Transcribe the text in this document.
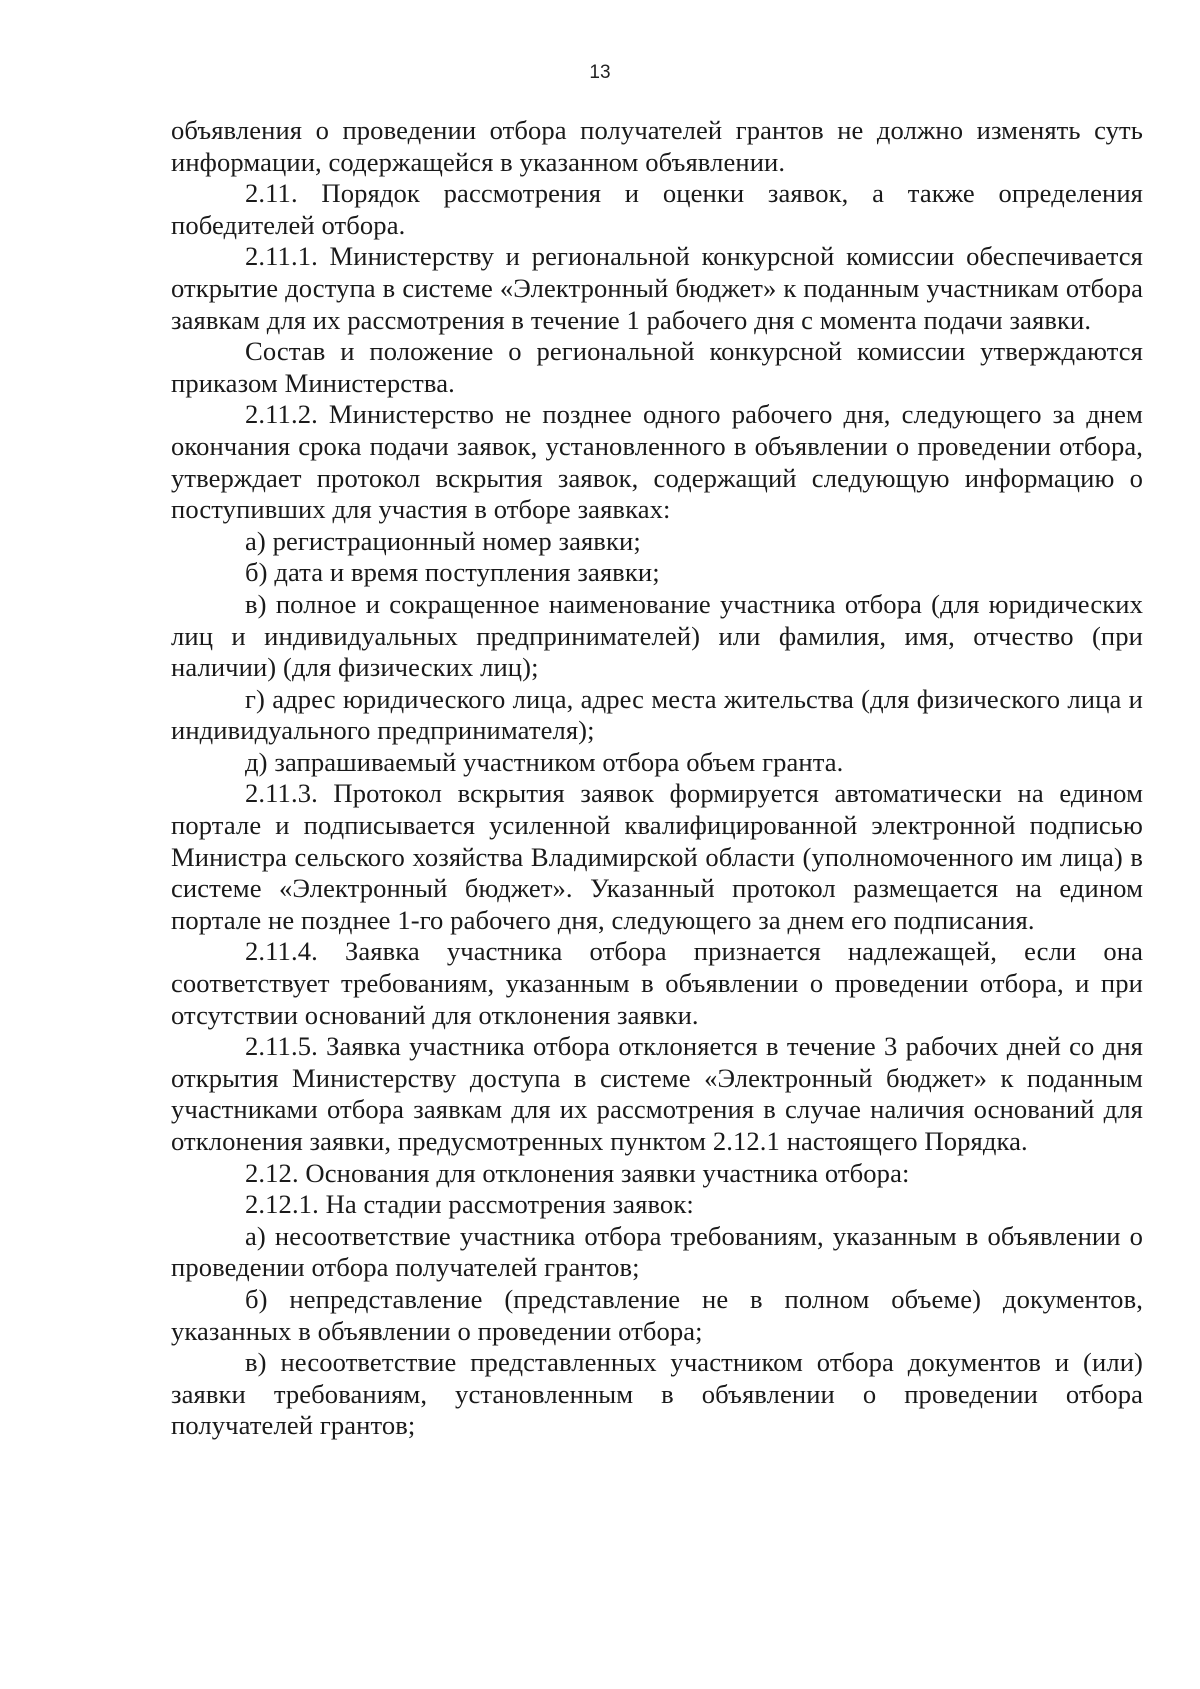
13

объявления о проведении отбора получателей грантов не должно изменять суть информации, содержащейся в указанном объявлении.

2.11. Порядок рассмотрения и оценки заявок, а также определения победителей отбора.

2.11.1. Министерству и региональной конкурсной комиссии обеспечивается открытие доступа в системе «Электронный бюджет» к поданным участникам отбора заявкам для их рассмотрения в течение 1 рабочего дня с момента подачи заявки.

Состав и положение о региональной конкурсной комиссии утверждаются приказом Министерства.

2.11.2. Министерство не позднее одного рабочего дня, следующего за днем окончания срока подачи заявок, установленного в объявлении о проведении отбора, утверждает протокол вскрытия заявок, содержащий следующую информацию о поступивших для участия в отборе заявках:

а) регистрационный номер заявки;

б) дата и время поступления заявки;

в) полное и сокращенное наименование участника отбора (для юридических лиц и индивидуальных предпринимателей) или фамилия, имя, отчество (при наличии) (для физических лиц);

г) адрес юридического лица, адрес места жительства (для физического лица и индивидуального предпринимателя);

д) запрашиваемый участником отбора объем гранта.

2.11.3. Протокол вскрытия заявок формируется автоматически на едином портале и подписывается усиленной квалифицированной электронной подписью Министра сельского хозяйства Владимирской области (уполномоченного им лица) в системе «Электронный бюджет». Указанный протокол размещается на едином портале не позднее 1-го рабочего дня, следующего за днем его подписания.

2.11.4. Заявка участника отбора признается надлежащей, если она соответствует требованиям, указанным в объявлении о проведении отбора, и при отсутствии оснований для отклонения заявки.

2.11.5. Заявка участника отбора отклоняется в течение 3 рабочих дней со дня открытия Министерству доступа в системе «Электронный бюджет» к поданным участниками отбора заявкам для их рассмотрения в случае наличия оснований для отклонения заявки, предусмотренных пунктом 2.12.1 настоящего Порядка.

2.12. Основания для отклонения заявки участника отбора:

2.12.1. На стадии рассмотрения заявок:

а) несоответствие участника отбора требованиям, указанным в объявлении о проведении отбора получателей грантов;

б) непредставление (представление не в полном объеме) документов, указанных в объявлении о проведении отбора;

в) несоответствие представленных участником отбора документов и (или) заявки требованиям, установленным в объявлении о проведении отбора получателей грантов;
